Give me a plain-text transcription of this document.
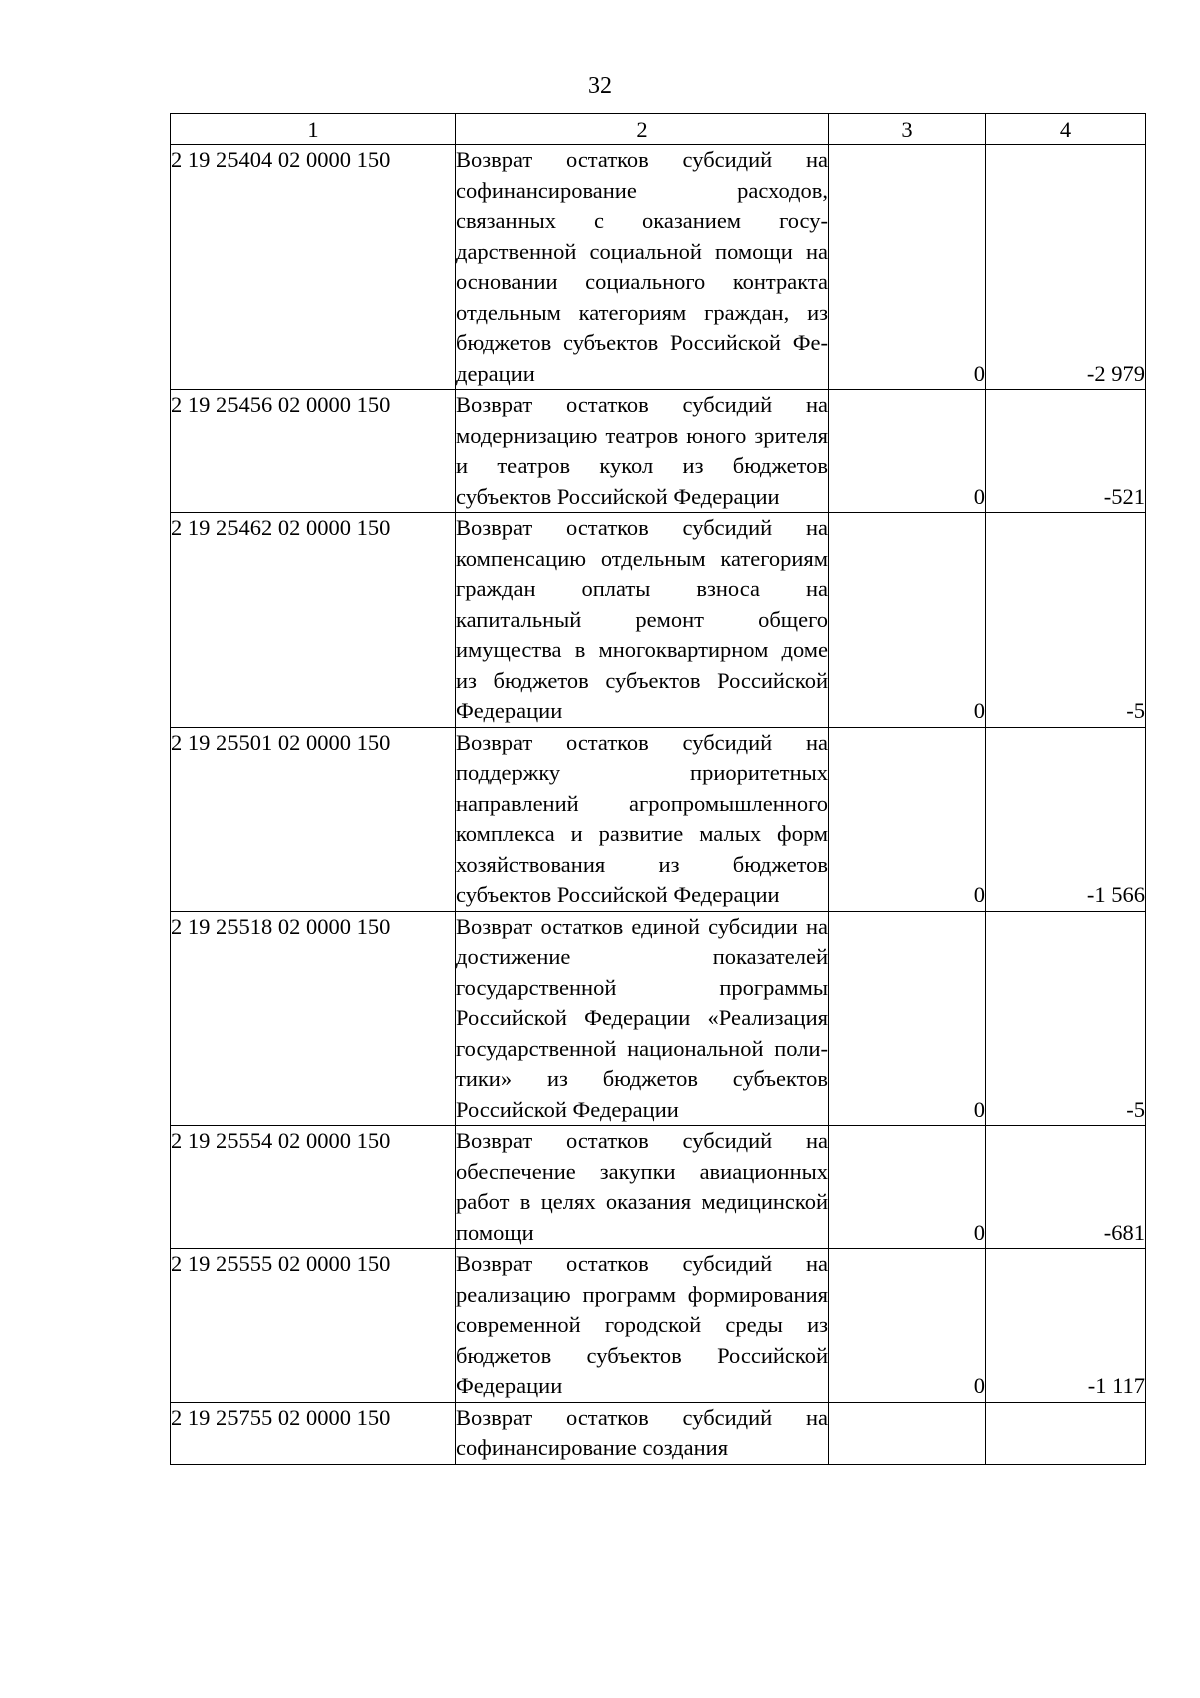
32
1	2	3	4
2 19 25404 02 0000 150	Возврат остатков субсидий на софинансирование расходов, связанных с оказанием государственной социальной помощи на основании социального контракта отдельным категориям граждан, из бюджетов субъектов Российской Федерации	0	-2 979
2 19 25456 02 0000 150	Возврат остатков субсидий на модернизацию театров юного зрителя и театров кукол из бюджетов субъектов Российской Федерации	0	-521
2 19 25462 02 0000 150	Возврат остатков субсидий на компенсацию отдельным категориям граждан оплаты взноса на капитальный ремонт общего имущества в многоквартирном доме из бюджетов субъектов Российской Федерации	0	-5
2 19 25501 02 0000 150	Возврат остатков субсидий на поддержку приоритетных направлений агропромышленного комплекса и развитие малых форм хозяйствования из бюджетов субъектов Российской Федерации	0	-1 566
2 19 25518 02 0000 150	Возврат остатков единой субсидии на достижение показателей государственной программы Российской Федерации «Реализация государственной национальной политики» из бюджетов субъектов Российской Федерации	0	-5
2 19 25554 02 0000 150	Возврат остатков субсидий на обеспечение закупки авиационных работ в целях оказания медицинской помощи	0	-681
2 19 25555 02 0000 150	Возврат остатков субсидий на реализацию программ формирования современной городской среды из бюджетов субъектов Российской Федерации	0	-1 117
2 19 25755 02 0000 150	Возврат остатков субсидий на софинансирование создания		
